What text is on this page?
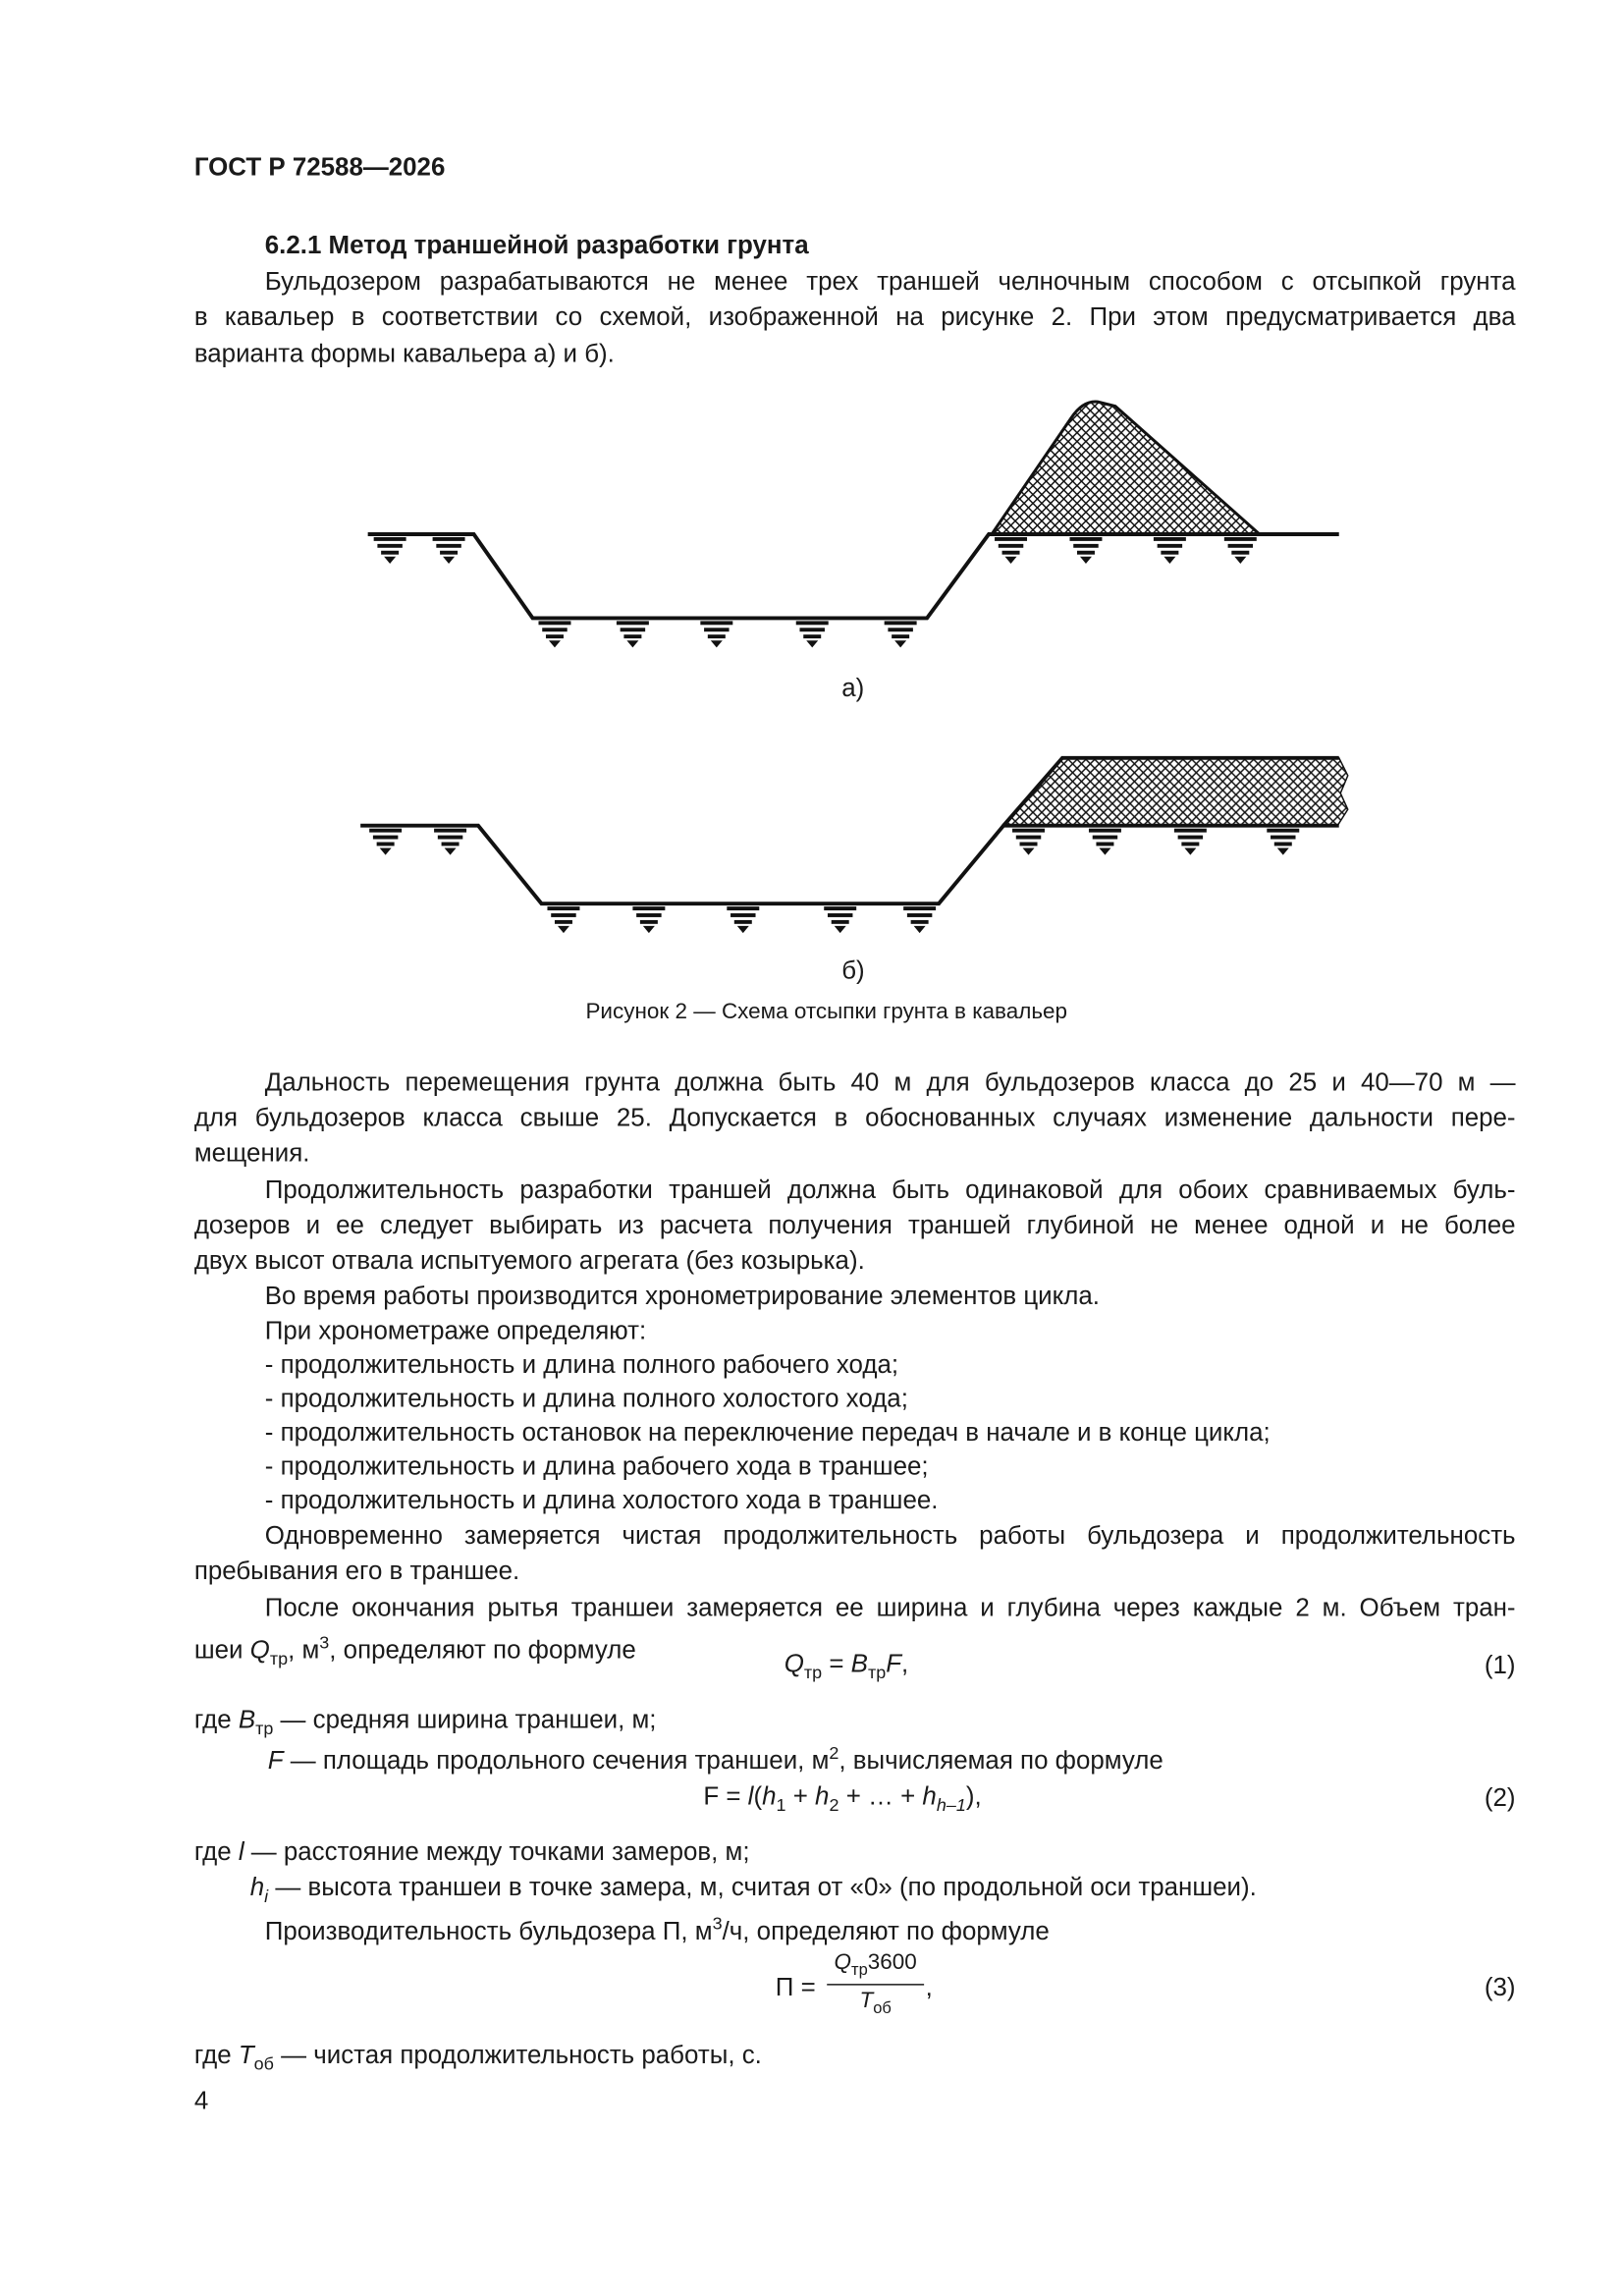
ГОСТ Р 72588—2026
6.2.1 Метод траншейной разработки грунта
Бульдозером разрабатываются не менее трех траншей челночным способом с отсыпкой грунта
в кавальер в соответствии со схемой, изображенной на рисунке 2. При этом предусматривается два
варианта формы кавальера а) и б).
а)
б)
Рисунок 2 — Схема отсыпки грунта в кавальер
Дальность перемещения грунта должна быть 40 м для бульдозеров класса до 25 и 40—70 м —
для бульдозеров класса свыше 25. Допускается в обоснованных случаях изменение дальности пере-
мещения.
Продолжительность разработки траншей должна быть одинаковой для обоих сравниваемых буль-
дозеров и ее следует выбирать из расчета получения траншей глубиной не менее одной и не более
двух высот отвала испытуемого агрегата (без козырька).
Во время работы производится хронометрирование элементов цикла.
При хронометраже определяют:
- продолжительность и длина полного рабочего хода;
- продолжительность и длина полного холостого хода;
- продолжительность остановок на переключение передач в начале и в конце цикла;
- продолжительность и длина рабочего хода в траншее;
- продолжительность и длина холостого хода в траншее.
Одновременно замеряется чистая продолжительность работы бульдозера и продолжительность
пребывания его в траншее.
После окончания рытья траншеи замеряется ее ширина и глубина через каждые 2 м. Объем тран-
шеи $Q_{тр}$, $м^3$, определяют по формуле	$Q_{тр} = B_{тр}F$,	(1)
где $B_{тр}$ — средняя ширина траншеи, м;
F — площадь продольного сечения траншеи, $м^2$, вычисляемая по формуле
$F = l(h_1 + h_2$ + … + $h_{h-1}$),	(2)
где l — расстояние между точками замеров, м;
$h_i$ — высота траншеи в точке замера, м, считая от «0» (по продольной оси траншеи).
Производительность бульдозера П, $м^3/ч$, определяют по формуле
П =
$Q_{тр}3600$
$T_{об}$
,	(3)
где $T_{об}$ — чистая продолжительность работы, с.
4
